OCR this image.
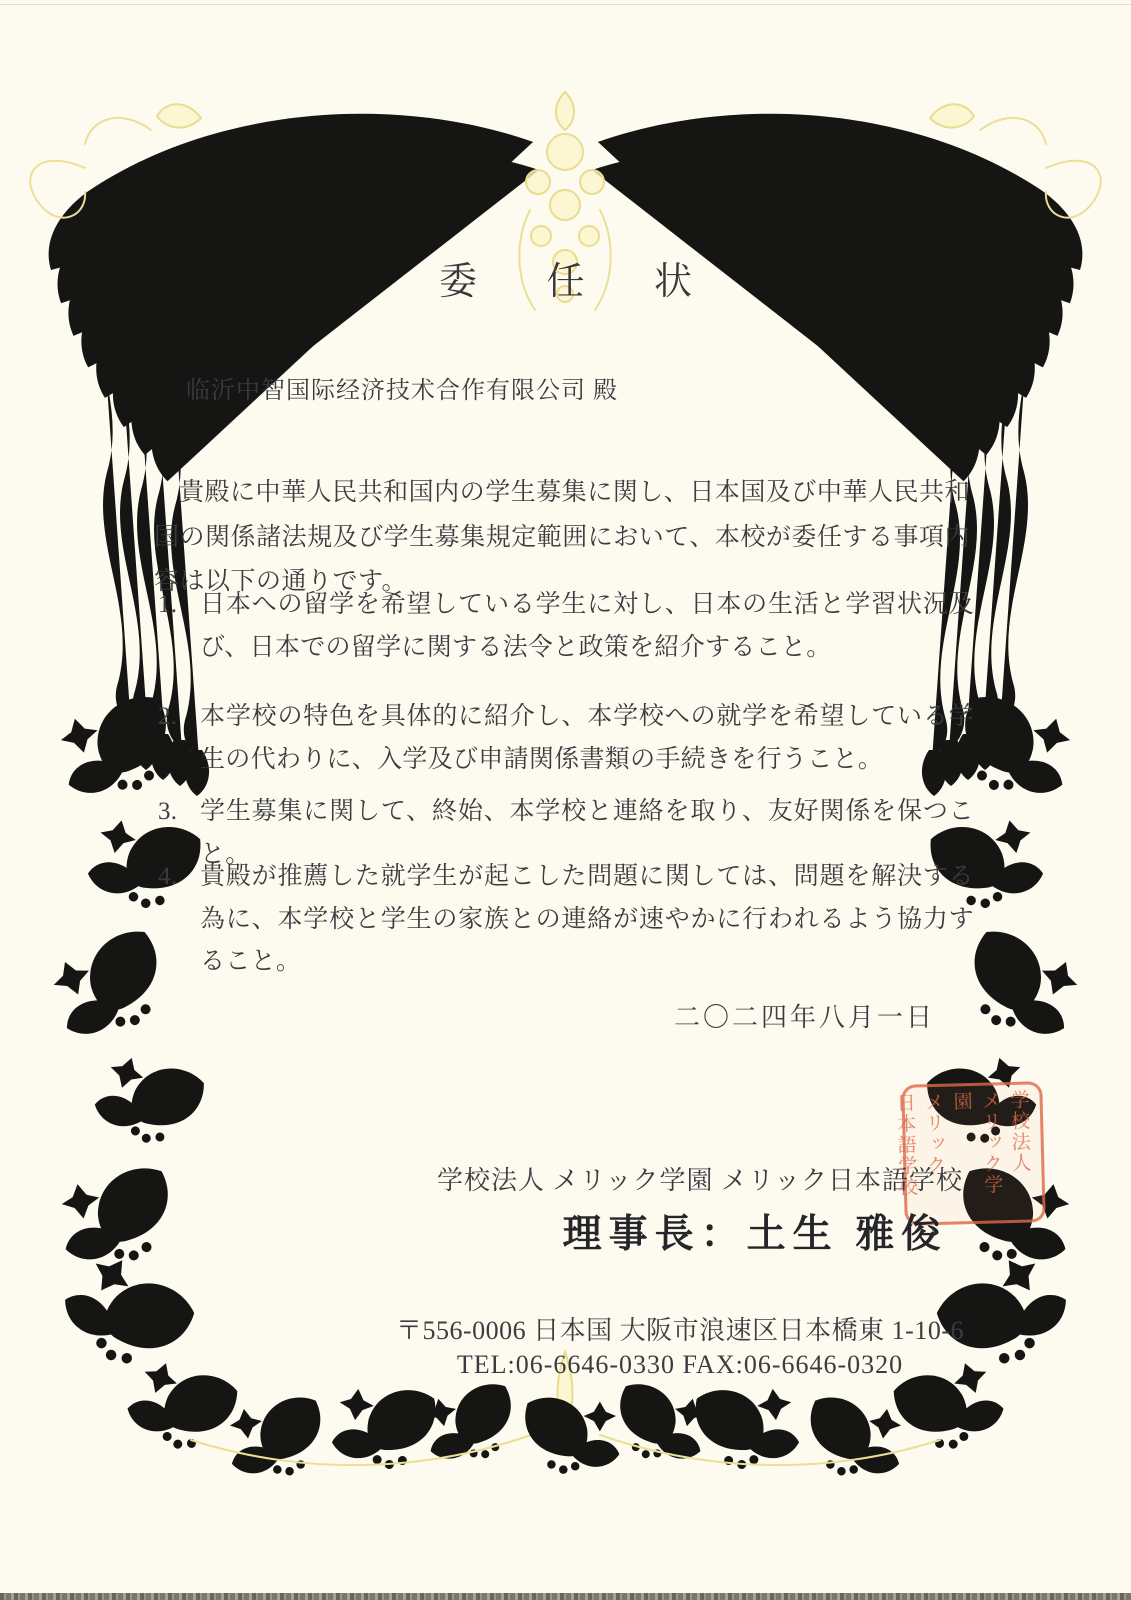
委 任 状
临沂中智国际经济技术合作有限公司 殿

貴殿に中華人民共和国内の学生募集に関し、日本国及び中華人民共和国の関係諸法規及び学生募集規定範囲において、本校が委任する事項内容は以下の通りです。

1. 日本への留学を希望している学生に対し、日本の生活と学習状況及び、日本での留学に関する法令と政策を紹介すること。
2. 本学校の特色を具体的に紹介し、本学校への就学を希望している学生の代わりに、入学及び申請関係書類の手続きを行うこと。
3. 学生募集に関して、終始、本学校と連絡を取り、友好関係を保つこと。
4. 貴殿が推薦した就学生が起こした問題に関しては、問題を解決する為に、本学校と学生の家族との連絡が速やかに行われるよう協力すること。
二〇二四年八月一日
学校法人
メリック学園
メリック
日本語学校
学校法人 メリック学園 メリック日本語学校
理事長：土生 雅俊
〒556-0006 日本国 大阪市浪速区日本橋東 1-10-6
TEL:06-6646-0330 FAX:06-6646-0320
